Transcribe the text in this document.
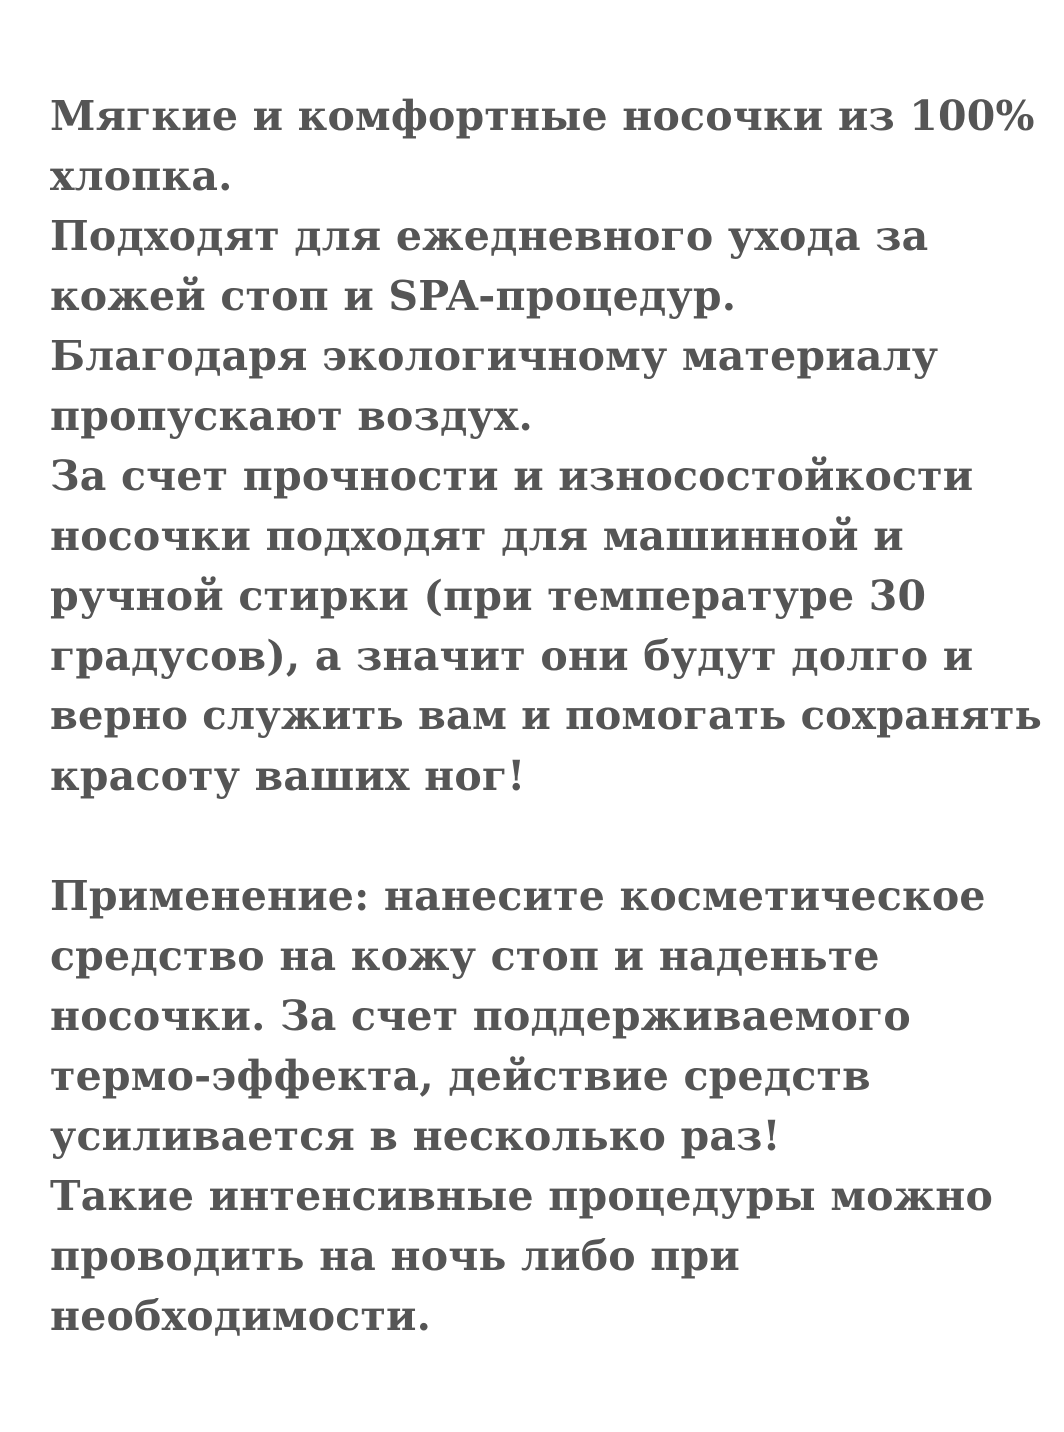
Мягкие и комфортные носочки из 100%
хлопка.
Подходят для ежедневного ухода за
кожей стоп и SPA-процедур.
Благодаря экологичному материалу
пропускают воздух.
За счет прочности и износостойкости
носочки подходят для машинной и
ручной стирки (при температуре 30
градусов), а значит они будут долго и
верно служить вам и помогать сохранять
красоту ваших ног!
Применение: нанесите косметическое
средство на кожу стоп и наденьте
носочки. За счет поддерживаемого
термо-эффекта, действие средств
усиливается в несколько раз!
Такие интенсивные процедуры можно
проводить на ночь либо при
необходимости.
